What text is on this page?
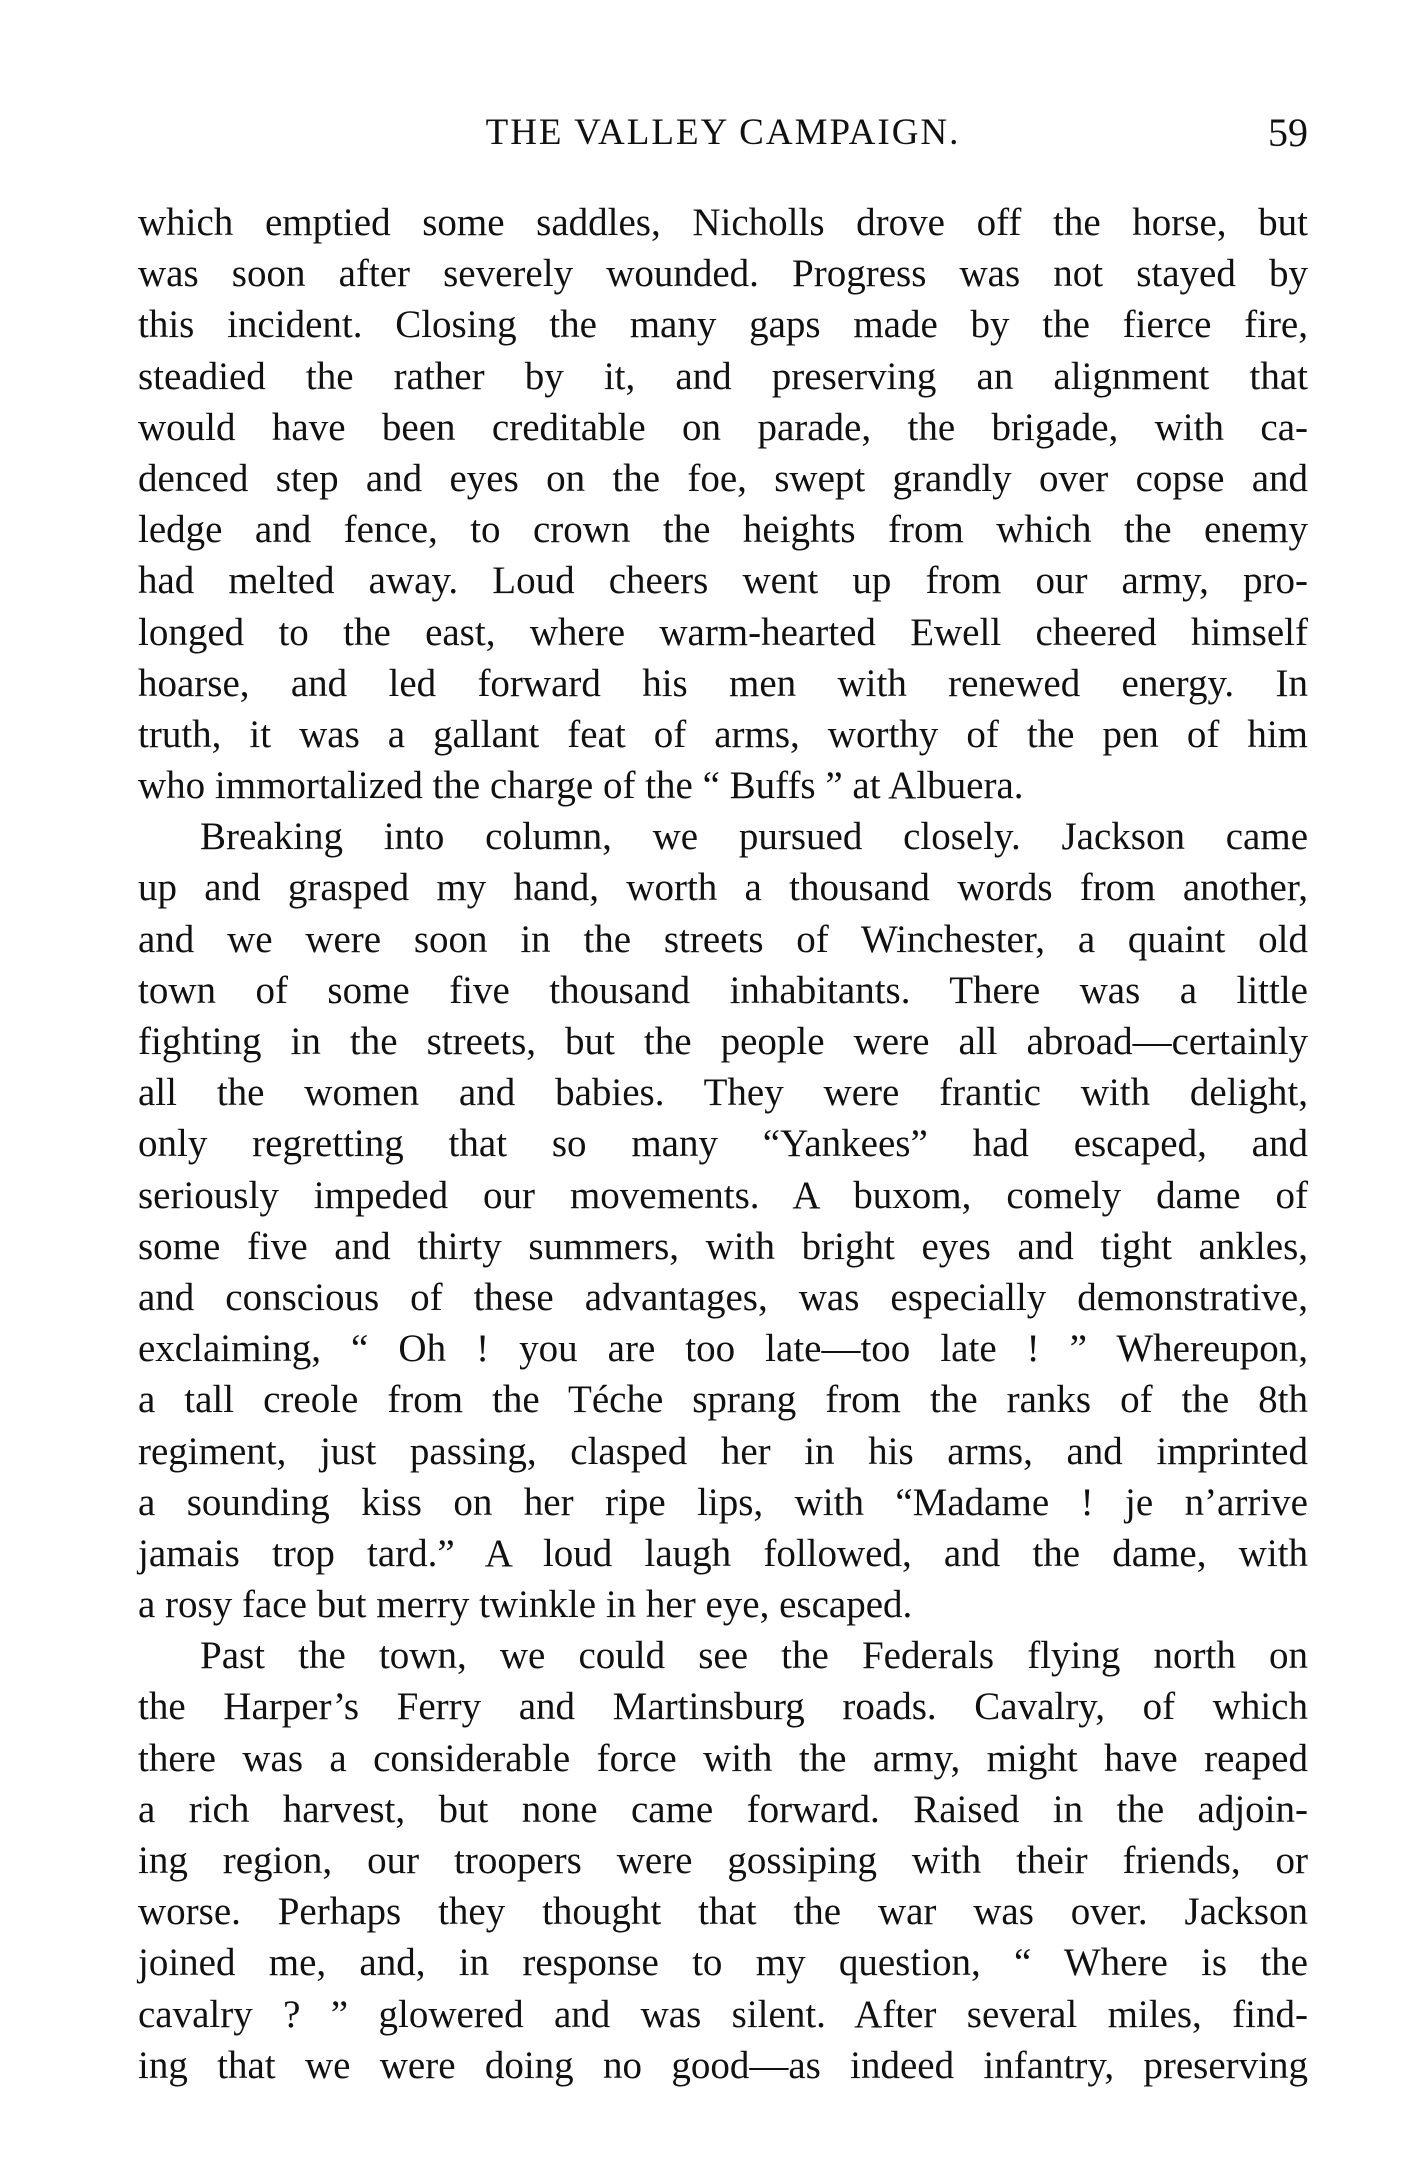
THE VALLEY CAMPAIGN.	59
which emptied some saddles, Nicholls drove off the horse, but
was soon after severely wounded. Progress was not stayed by
this incident. Closing the many gaps made by the fierce fire,
steadied the rather by it, and preserving an alignment that
would have been creditable on parade, the brigade, with ca-
denced step and eyes on the foe, swept grandly over copse and
ledge and fence, to crown the heights from which the enemy
had melted away. Loud cheers went up from our army, pro-
longed to the east, where warm-hearted Ewell cheered himself
hoarse, and led forward his men with renewed energy. In
truth, it was a gallant feat of arms, worthy of the pen of him
who immortalized the charge of the “ Buffs ” at Albuera.
Breaking into column, we pursued closely. Jackson came
up and grasped my hand, worth a thousand words from another,
and we were soon in the streets of Winchester, a quaint old
town of some five thousand inhabitants. There was a little
fighting in the streets, but the people were all abroad—certainly
all the women and babies. They were frantic with delight,
only regretting that so many “Yankees” had escaped, and
seriously impeded our movements. A buxom, comely dame of
some five and thirty summers, with bright eyes and tight ankles,
and conscious of these advantages, was especially demonstrative,
exclaiming, “ Oh ! you are too late—too late ! ” Whereupon,
a tall creole from the Téche sprang from the ranks of the 8th
regiment, just passing, clasped her in his arms, and imprinted
a sounding kiss on her ripe lips, with “Madame ! je n’arrive
jamais trop tard.” A loud laugh followed, and the dame, with
a rosy face but merry twinkle in her eye, escaped.
Past the town, we could see the Federals flying north on
the Harper’s Ferry and Martinsburg roads. Cavalry, of which
there was a considerable force with the army, might have reaped
a rich harvest, but none came forward. Raised in the adjoin-
ing region, our troopers were gossiping with their friends, or
worse. Perhaps they thought that the war was over. Jackson
joined me, and, in response to my question, “ Where is the
cavalry ? ” glowered and was silent. After several miles, find-
ing that we were doing no good—as indeed infantry, preserving
